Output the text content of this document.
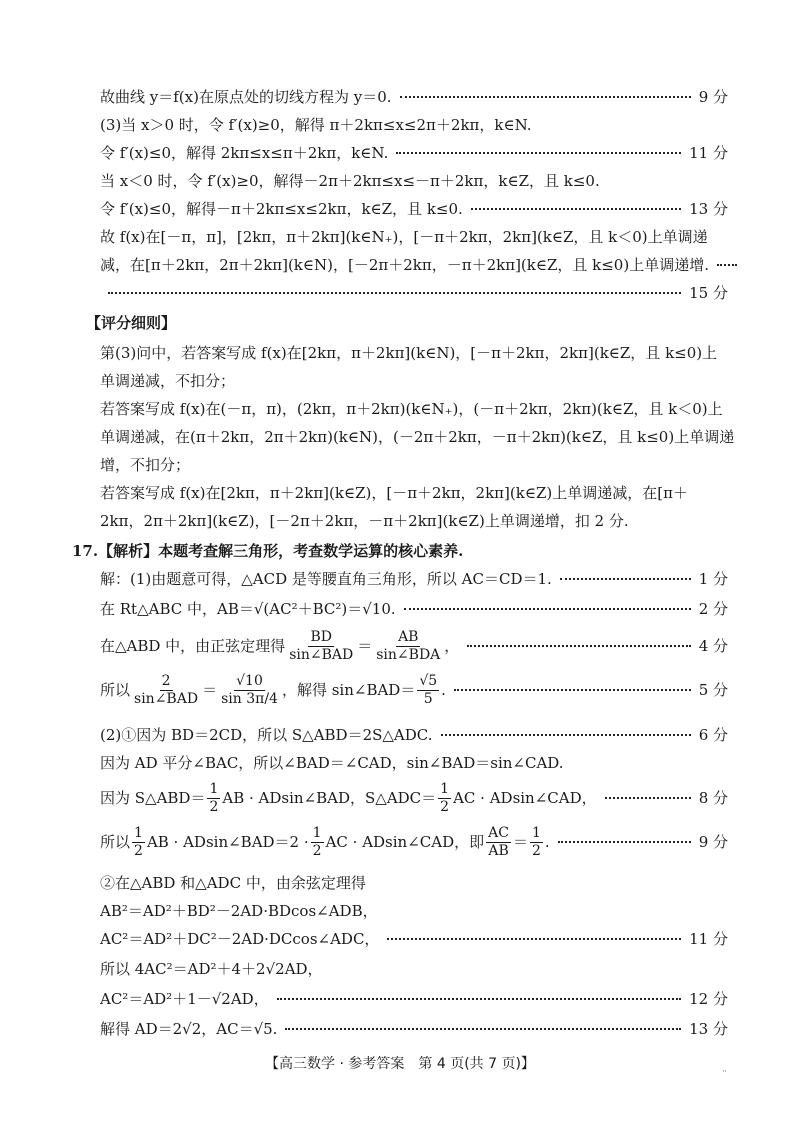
故曲线 y＝f(x)在原点处的切线方程为 y＝0.	9 分
(3)当 x＞0 时，令 f′(x)≥0，解得 π＋2kπ≤x≤2π＋2kπ，k∈N.
令 f′(x)≤0，解得 2kπ≤x≤π＋2kπ，k∈N.	11 分
当 x＜0 时，令 f′(x)≥0，解得－2π＋2kπ≤x≤－π＋2kπ，k∈Z，且 k≤0.
令 f′(x)≤0，解得－π＋2kπ≤x≤2kπ，k∈Z，且 k≤0.	13 分
故 f(x)在[－π，π]，[2kπ，π＋2kπ](k∈N₊)，[－π＋2kπ，2kπ](k∈Z，且 k＜0)上单调递
减，在[π＋2kπ，2π＋2kπ](k∈N)，[－2π＋2kπ，－π＋2kπ](k∈Z，且 k≤0)上单调递增.
15 分
【评分细则】
第(3)问中，若答案写成 f(x)在[2kπ，π＋2kπ](k∈N)，[－π＋2kπ，2kπ](k∈Z，且 k≤0)上
单调递减，不扣分；
若答案写成 f(x)在(－π，π)，(2kπ，π＋2kπ)(k∈N₊)，(－π＋2kπ，2kπ)(k∈Z，且 k＜0)上
单调递减，在(π＋2kπ，2π＋2kπ)(k∈N)，(－2π＋2kπ，－π＋2kπ)(k∈Z，且 k≤0)上单调递
增，不扣分；
若答案写成 f(x)在[2kπ，π＋2kπ](k∈Z)，[－π＋2kπ，2kπ](k∈Z)上单调递减，在[π＋
2kπ，2π＋2kπ](k∈Z)，[－2π＋2kπ，－π＋2kπ](k∈Z)上单调递增，扣 2 分.
17.【解析】本题考查解三角形，考查数学运算的核心素养.
解：(1)由题意可得，△ACD 是等腰直角三角形，所以 AC＝CD＝1.	1 分
在 Rt△ABC 中，AB＝√(AC²＋BC²)＝√10.	2 分
在△ABD 中，由正弦定理得 $\frac{BD}{\text{sin∠BAD}} = \frac{AB}{\text{sin∠BDA}}$ ，	4 分
所以 $\frac{2}{\text{sin∠BAD}} = \frac{√10}{\sin 3\pi/4}$ ，解得 sin∠BAD＝ $\frac{√5}{5}$ .	5 分
(2)①因为 BD＝2CD，所以 S△ABD＝2S△ADC.	6 分
因为 AD 平分∠BAC，所以∠BAD＝∠CAD，sin∠BAD＝sin∠CAD.
因为 S△ABD＝ $\frac{1}{2}$ AB · ADsin∠BAD，S△ADC＝ $\frac{1}{2}$ AC · ADsin∠CAD，	8 分
所以 $\frac{1}{2}$ AB · ADsin∠BAD＝2 · $\frac{1}{2}$ AC · ADsin∠CAD，即 $\frac{AC}{AB} = \frac{1}{2}$ .	9 分
②在△ABD 和△ADC 中，由余弦定理得
AB²＝AD²＋BD²－2AD·BDcos∠ADB，
AC²＝AD²＋DC²－2AD·DCcos∠ADC，	11 分
所以 4AC²＝AD²＋4＋2√2AD，
AC²＝AD²＋1－√2AD，	12 分
解得 AD＝2√2，AC＝√5.	13 分
【高三数学 · 参考答案　第 4 页(共 7 页)】
¨
